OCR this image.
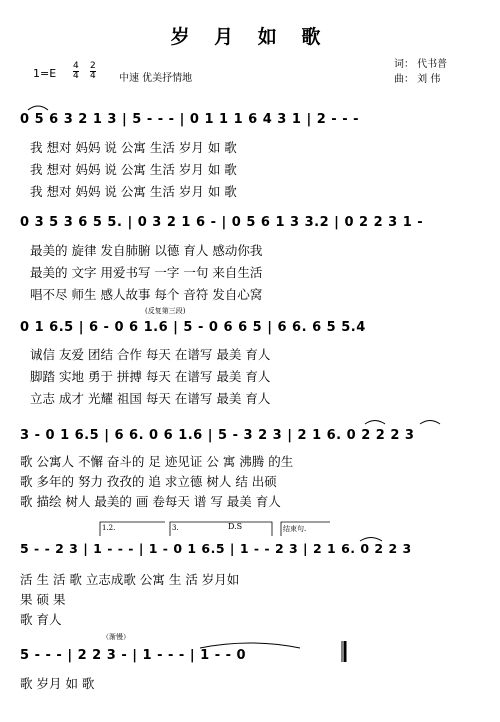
岁 月 如 歌
词： 代书普
曲： 刘 伟
1=E
4
4
2
4 中速 优美抒情地
0 5 6 3 2 1 3 | 5 - - - | 0 1 1 1 6 4 3 1 | 2 - - -
我 想对 妈妈 说 公寓 生活 岁月 如 歌
我 想对 妈妈 说 公寓 生活 岁月 如 歌
我 想对 妈妈 说 公寓 生活 岁月 如 歌
0 3 5 3 6 5 5. | 0 3 2 1 6 - | 0 5 6 1 3 3.2 | 0 2 2 3 1 -
最美的 旋律 发自肺腑 以德 育人 感动你我
最美的 文字 用爱书写 一字 一句 来自生活
唱不尽 师生 感人故事 每个 音符 发自心窝
(反复第三段)
0 1 6.5 | 6 - 0 6 1.6 | 5 - 0 6 6 5 | 6 6. 6 5 5.4
诚信 友爱 团结 合作 每天 在谱写 最美 育人
脚踏 实地 勇于 拼搏 每天 在谱写 最美 育人
立志 成才 光耀 祖国 每天 在谱写 最美 育人
3 - 0 1 6.5 | 6 6. 0 6 1.6 | 5 - 3 2 3 | 2 1 6. 0 2 2 2 3
歌 公寓人 不懈 奋斗的 足 迹见证 公 寓 沸腾 的生
歌 多年的 努力 孜孜的 追 求立德 树人 结 出硕
歌 描绘 树人 最美的 画 卷每天 谱 写 最美 育人
1.2.	3.	D.S	结束句.
5 - - 2 3 | 1 - - - | 1 - 0 1 6.5 | 1 - - 2 3 | 2 1 6. 0 2 2 3
活 生 活 歌 立志成歌 公寓 生 活 岁月如
果 硕 果
歌 育人
（渐慢）
5 - - - | 2 2 3 - | 1 - - - | 1 - - 0
歌 岁月 如 歌
